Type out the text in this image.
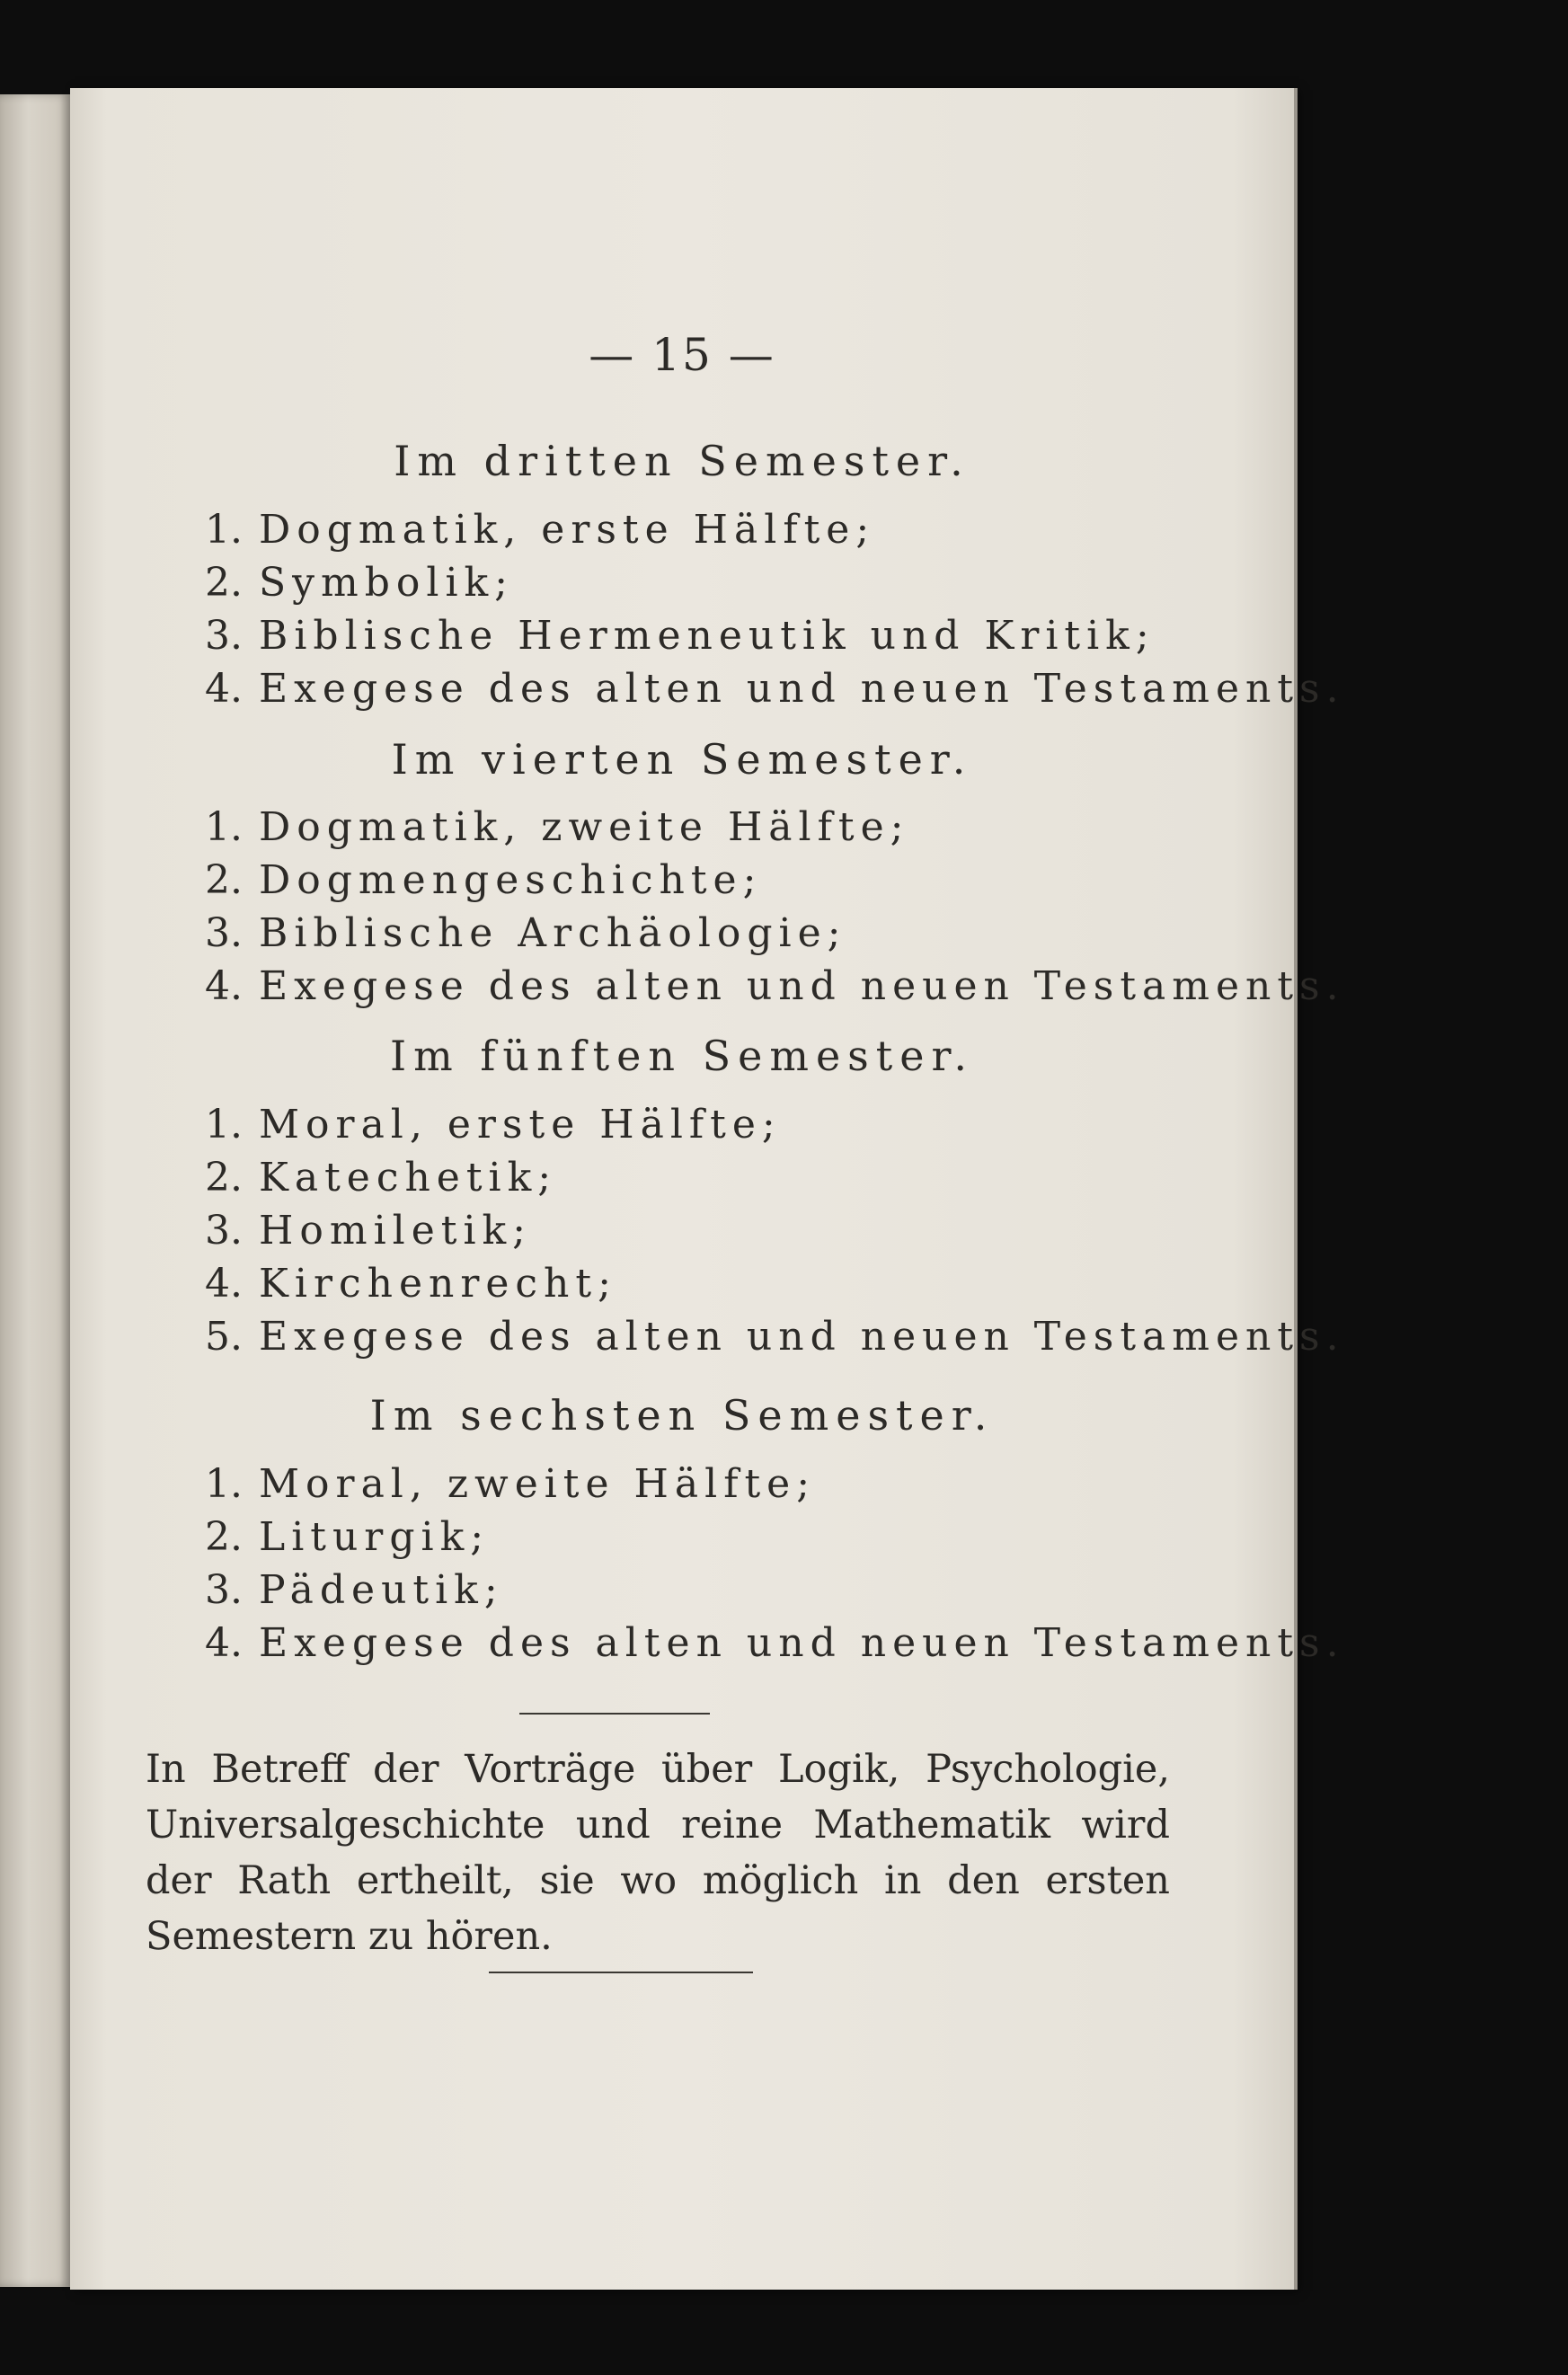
— 15 —
Im dritten Semester.
1. Dogmatik, erste Hälfte;
2. Symbolik;
3. Biblische Hermeneutik und Kritik;
4. Exegese des alten und neuen Testaments.
Im vierten Semester.
1. Dogmatik, zweite Hälfte;
2. Dogmengeschichte;
3. Biblische Archäologie;
4. Exegese des alten und neuen Testaments.
Im fünften Semester.
1. Moral, erste Hälfte;
2. Katechetik;
3. Homiletik;
4. Kirchenrecht;
5. Exegese des alten und neuen Testaments.
Im sechsten Semester.
1. Moral, zweite Hälfte;
2. Liturgik;
3. Pädeutik;
4. Exegese des alten und neuen Testaments.
In Betreff der Vorträge über Logik, Psychologie, Universalgeschichte und reine Mathematik wird der Rath ertheilt, sie wo möglich in den ersten Semestern zu hören.
